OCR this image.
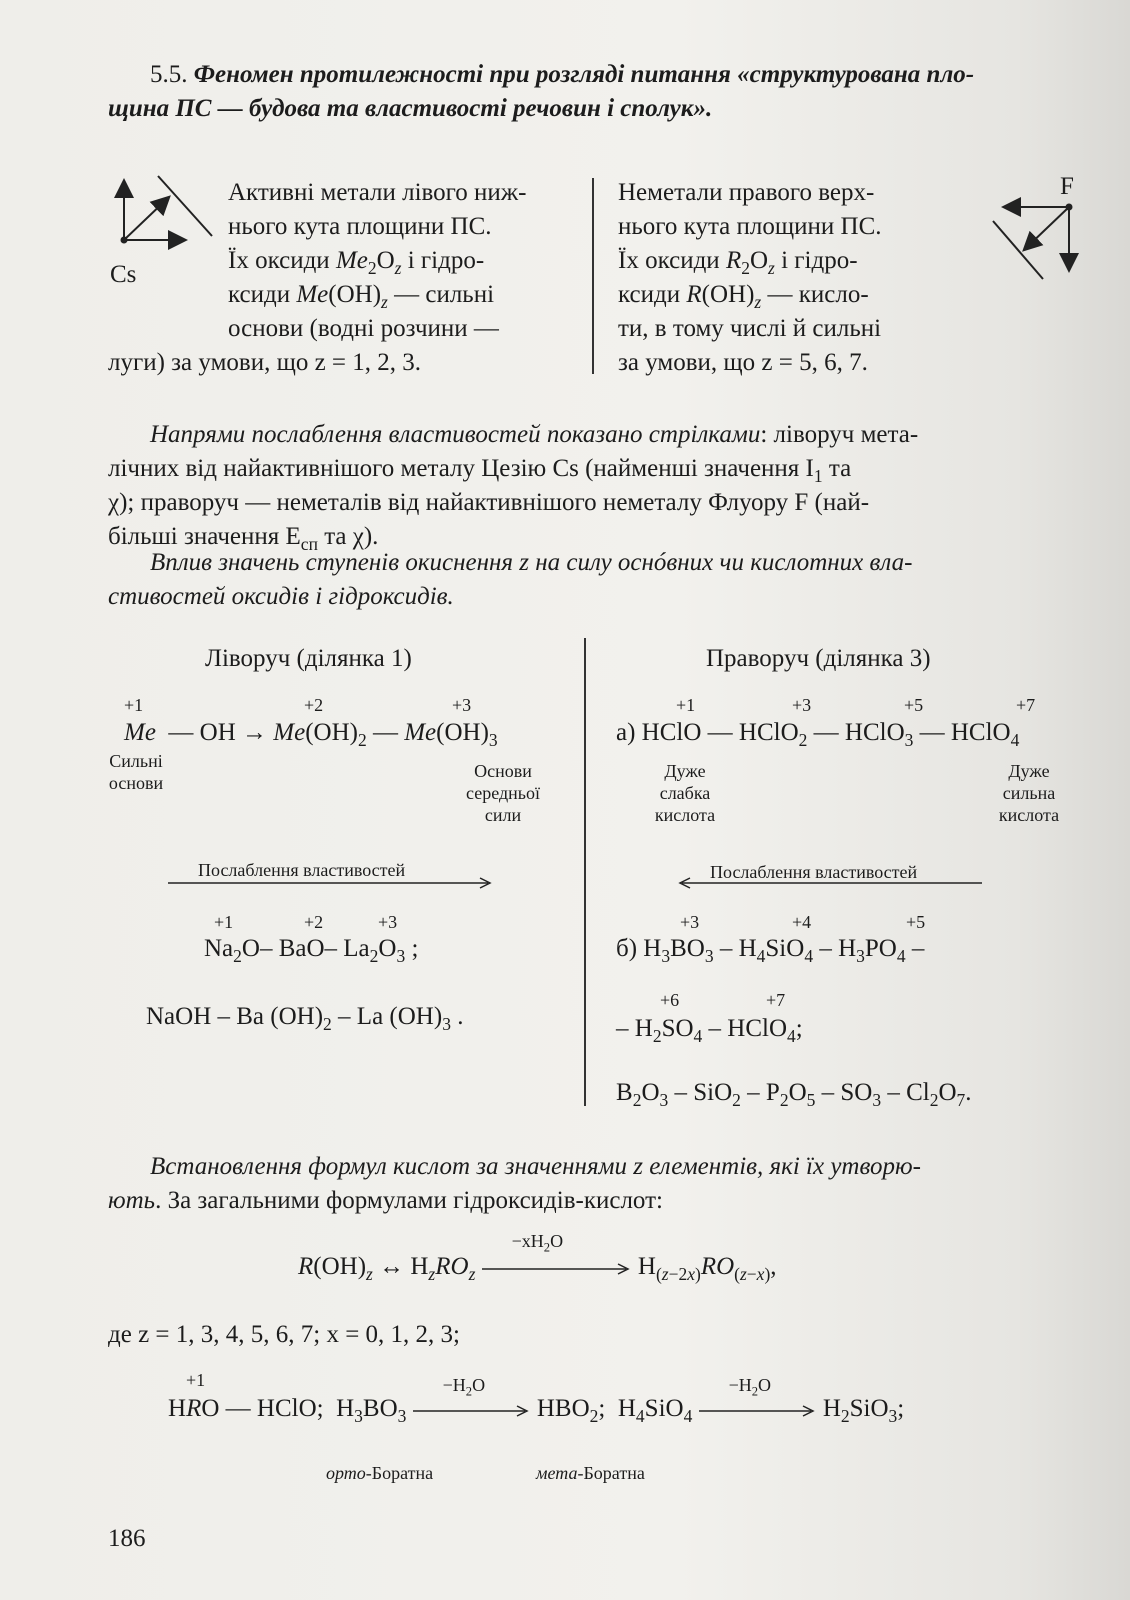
5.5. Феномен протилежності при розгляді питання «структурована пло-
щина ПС — будова та властивості речовин і сполук».
Cs
Активні метали лівого ниж-
нього кута площини ПС.
Їх оксиди $Me_2O_z$ і гідро-
ксиди $Me(OH)_z$ — сильні
основи (водні розчини —
луги) за умови, що z = 1, 2, 3.
Неметали правого верх-
нього кута площини ПС.
Їх оксиди $R_2O_z$ і гідро-
ксиди $R(OH)_z$ — кисло-
ти, в тому числі й сильні
за умови, що z = 5, 6, 7.
F
Напрями послаблення властивостей показано стрілками: ліворуч мета-
лічних від найактивнішого металу Цезію Cs (найменші значення $I_1$ та
χ); праворуч — неметалів від найактивнішого неметалу Флуору F (най-
більші значення $E_{сп}$ та χ).
Вплив значень ступенів окиснення z на силу оснóвних чи кислотних вла-
стивостей оксидів і гідроксидів.
Ліворуч (ділянка 1)
+1	+2	+3
Me  — OH → $Me(OH)_2$ — $Me(OH)_3$
Сильні
основи
Основи
середньої
сили
Послаблення властивостей
+1	+2	+3
$Na_2O-$ BaO– $La_2O_3$ ;
NaOH – Ba $(OH)_2$ – La $(OH)_3$ .
Праворуч (ділянка 3)
+1	+3	+5	+7
а) HClO — HClO$_2$ — HClO$_3$ — HClO$_4$
Дуже
слабка
кислота
Дуже
сильна
кислота
Послаблення властивостей
+3	+4	+5
б) $H_3BO_3 - H_4SiO_4 - H_3PO_4$ –
+6	+7
– $H_2SO_4$ – HClO$_4$;
$B_2O_3 - SiO_2 - P_2O_5 - SO_3 - Cl_2O_7$.
Встановлення формул кислот за значеннями z елементів, які їх утворю-
ють. За загальними формулами гідроксидів-кислот:
$R(OH)_z$ ↔ $H_zRO_z$
$-xH_2O$
$H_{(z-2x)}RO_{(z-x)}$,
де z = 1, 3, 4, 5, 6, 7; x = 0, 1, 2, 3;
+1
HRO — HClO;  $H_3BO_3$
$-H_2O$
$HBO_2$;  $H_4SiO_4$
$-H_2O$
$H_2SiO_3$;
орто-Боратна	мета-Боратна
186
